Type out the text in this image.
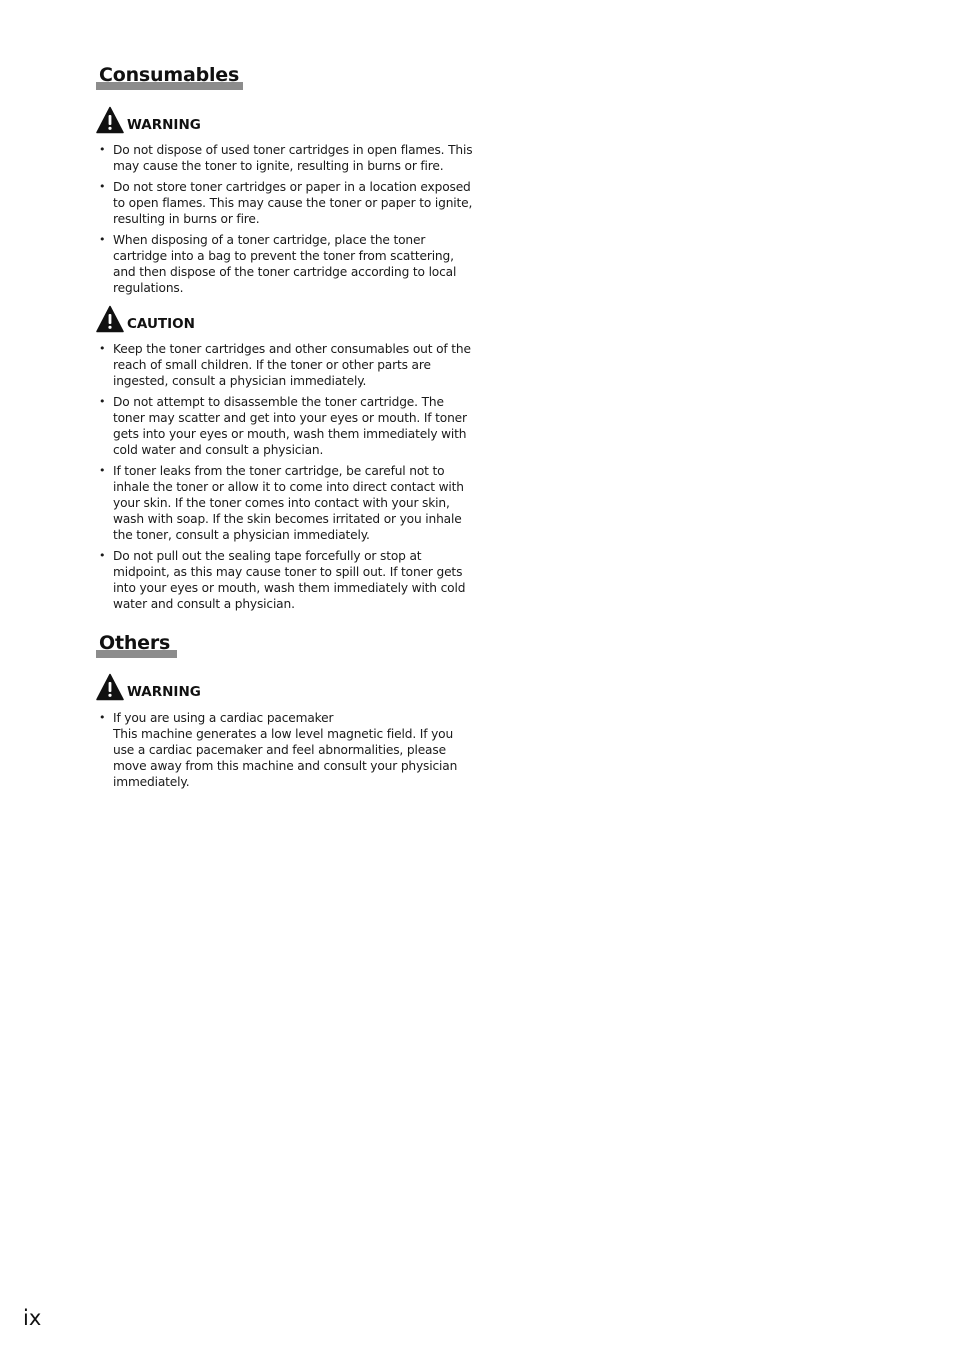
Consumables
WARNING
• Do not dispose of used toner cartridges in open flames. This may cause the toner to ignite, resulting in burns or fire.
• Do not store toner cartridges or paper in a location exposed to open flames. This may cause the toner or paper to ignite, resulting in burns or fire.
• When disposing of a toner cartridge, place the toner cartridge into a bag to prevent the toner from scattering, and then dispose of the toner cartridge according to local regulations.
CAUTION
• Keep the toner cartridges and other consumables out of the reach of small children. If the toner or other parts are ingested, consult a physician immediately.
• Do not attempt to disassemble the toner cartridge. The toner may scatter and get into your eyes or mouth. If toner gets into your eyes or mouth, wash them immediately with cold water and consult a physician.
• If toner leaks from the toner cartridge, be careful not to inhale the toner or allow it to come into direct contact with your skin. If the toner comes into contact with your skin, wash with soap. If the skin becomes irritated or you inhale the toner, consult a physician immediately.
• Do not pull out the sealing tape forcefully or stop at midpoint, as this may cause toner to spill out. If toner gets into your eyes or mouth, wash them immediately with cold water and consult a physician.
Others
WARNING
• If you are using a cardiac pacemaker
This machine generates a low level magnetic field. If you use a cardiac pacemaker and feel abnormalities, please move away from this machine and consult your physician immediately.
ix
